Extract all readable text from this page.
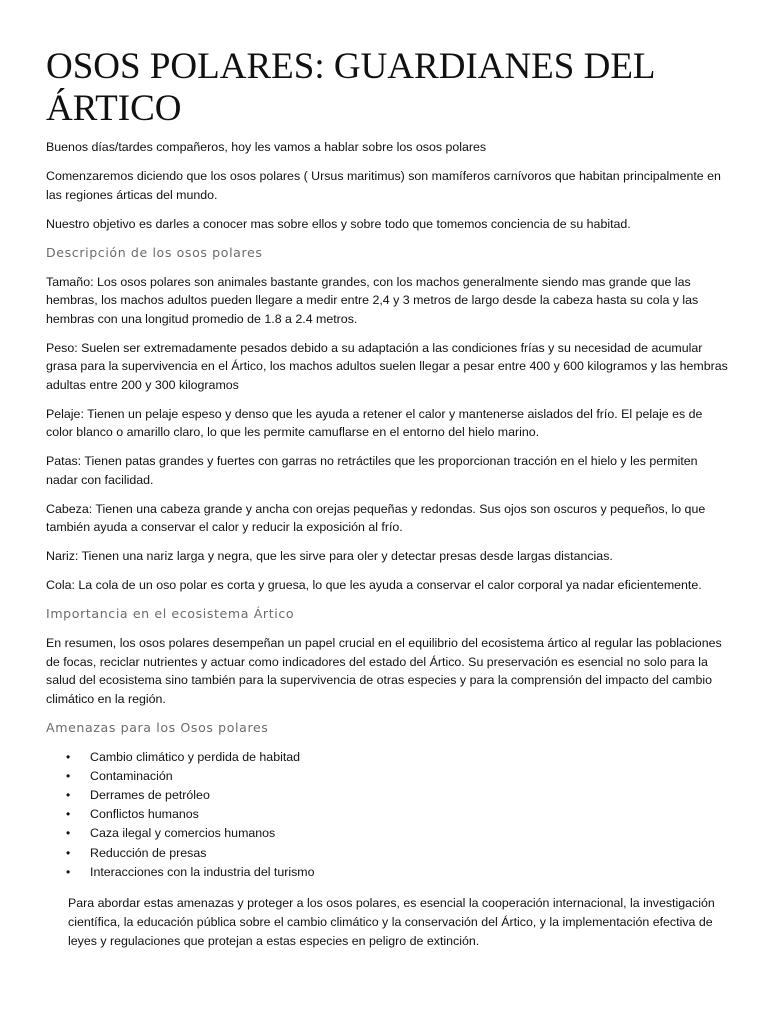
OSOS POLARES: GUARDIANES DEL ÁRTICO

Buenos días/tardes compañeros, hoy les vamos a hablar sobre los osos polares

Comenzaremos diciendo que los osos polares ( Ursus maritimus) son mamíferos carnívoros que habitan principalmente en las regiones árticas del mundo.

Nuestro objetivo es darles a conocer mas sobre ellos y sobre todo que tomemos conciencia de su habitad.

Descripción de los osos polares

Tamaño: Los osos polares son animales bastante grandes, con los machos generalmente siendo mas grande que las hembras, los machos adultos pueden llegare a medir entre 2,4 y 3 metros de largo desde la cabeza hasta su cola y las hembras con una longitud promedio de 1.8 a 2.4 metros.

Peso: Suelen ser extremadamente pesados debido a su adaptación a las condiciones frías y su necesidad de acumular grasa para la supervivencia en el Ártico, los machos adultos suelen llegar a pesar entre 400 y 600 kilogramos y las hembras adultas entre 200 y 300 kilogramos

Pelaje: Tienen un pelaje espeso y denso que les ayuda a retener el calor y mantenerse aislados del frío. El pelaje es de color blanco o amarillo claro, lo que les permite camuflarse en el entorno del hielo marino.

Patas: Tienen patas grandes y fuertes con garras no retráctiles que les proporcionan tracción en el hielo y les permiten nadar con facilidad.

Cabeza: Tienen una cabeza grande y ancha con orejas pequeñas y redondas. Sus ojos son oscuros y pequeños, lo que también ayuda a conservar el calor y reducir la exposición al frío.

Nariz: Tienen una nariz larga y negra, que les sirve para oler y detectar presas desde largas distancias.

Cola: La cola de un oso polar es corta y gruesa, lo que les ayuda a conservar el calor corporal ya nadar eficientemente.

Importancia en el ecosistema Ártico

En resumen, los osos polares desempeñan un papel crucial en el equilibrio del ecosistema ártico al regular las poblaciones de focas, reciclar nutrientes y actuar como indicadores del estado del Ártico. Su preservación es esencial no solo para la salud del ecosistema sino también para la supervivencia de otras especies y para la comprensión del impacto del cambio climático en la región.

Amenazas para los Osos polares
• Cambio climático y perdida de habitad
• Contaminación
• Derrames de petróleo
• Conflictos humanos
• Caza ilegal y comercios humanos
• Reducción de presas
• Interacciones con la industria del turismo

Para abordar estas amenazas y proteger a los osos polares, es esencial la cooperación internacional, la investigación científica, la educación pública sobre el cambio climático y la conservación del Ártico, y la implementación efectiva de leyes y regulaciones que protejan a estas especies en peligro de extinción.
